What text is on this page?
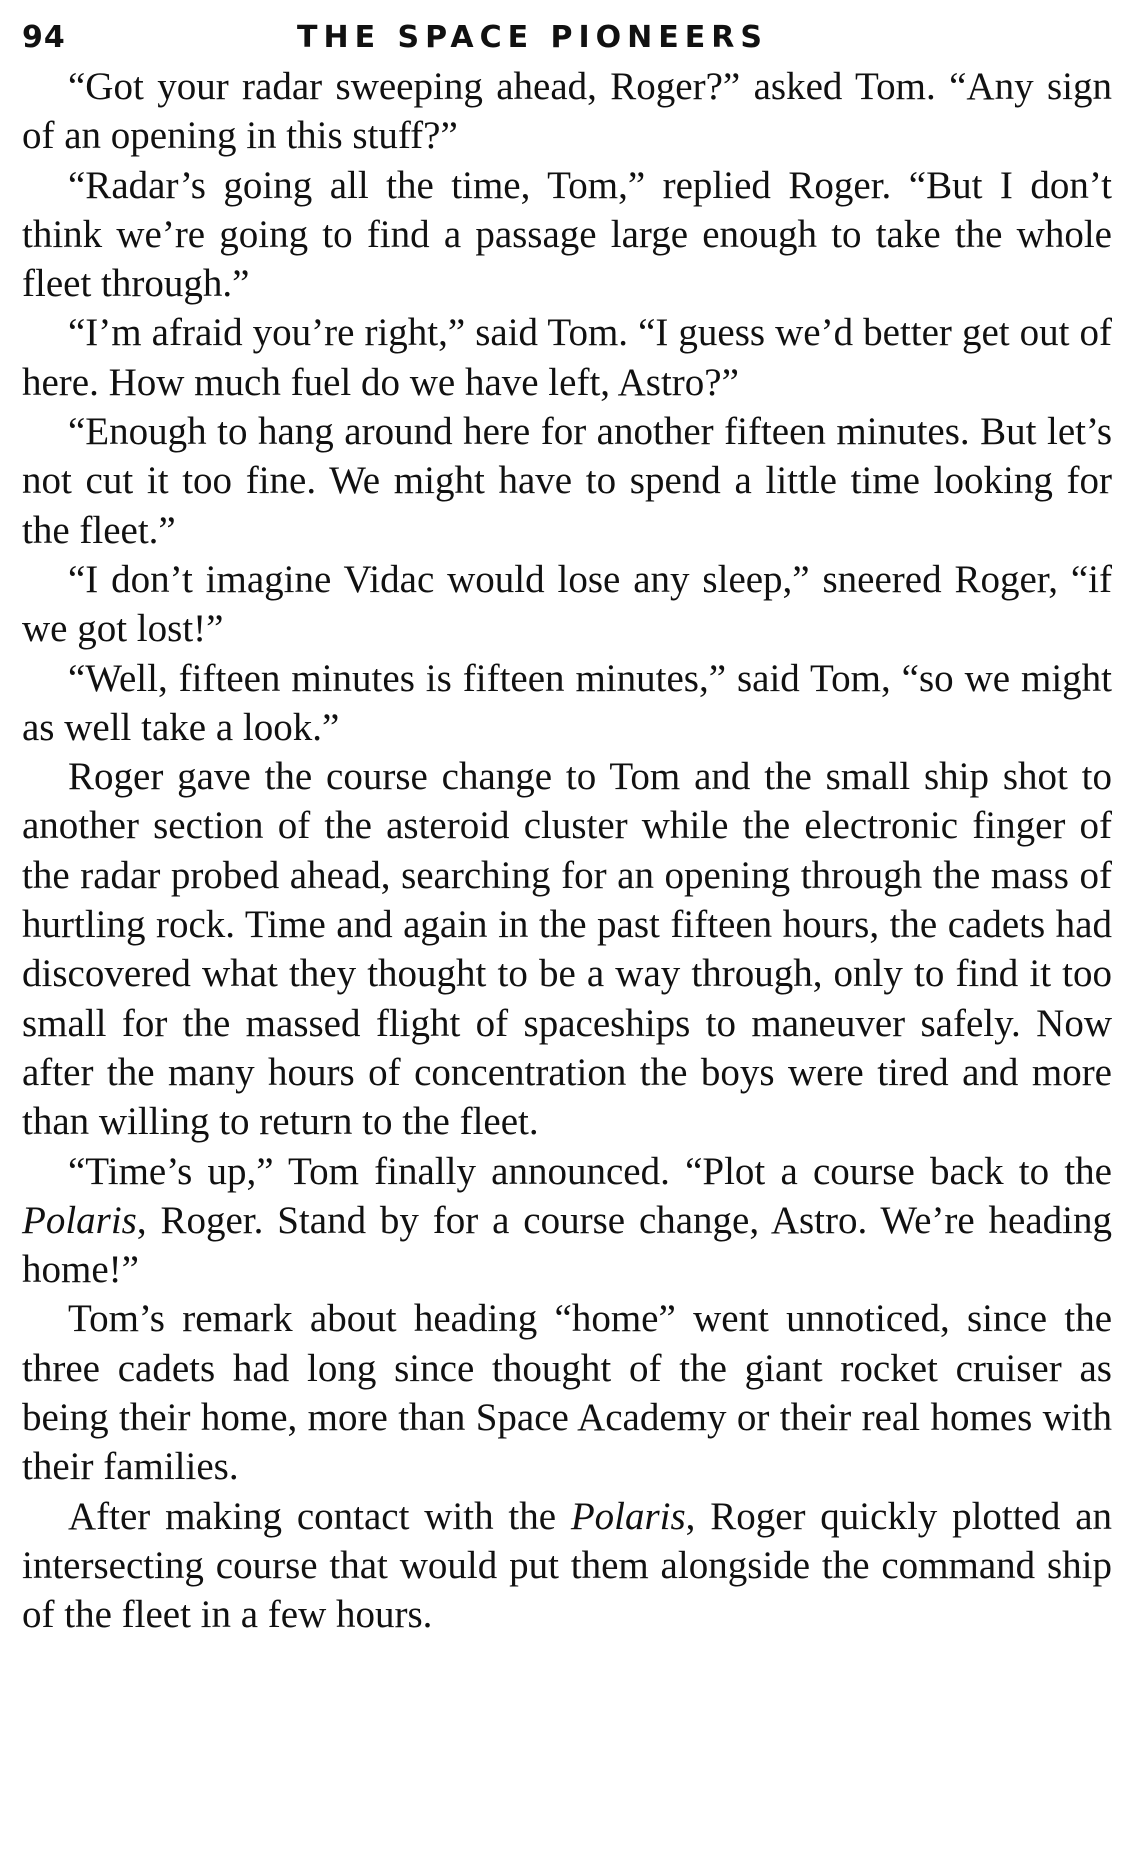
94	THE SPACE PIONEERS

“Got your radar sweeping ahead, Roger?” asked Tom. “Any sign of an opening in this stuff?”

“Radar’s going all the time, Tom,” replied Roger. “But I don’t think we’re going to find a passage large enough to take the whole fleet through.”

“I’m afraid you’re right,” said Tom. “I guess we’d better get out of here. How much fuel do we have left, Astro?”

“Enough to hang around here for another fifteen minutes. But let’s not cut it too fine. We might have to spend a little time looking for the fleet.”

“I don’t imagine Vidac would lose any sleep,” sneered Roger, “if we got lost!”

“Well, fifteen minutes is fifteen minutes,” said Tom, “so we might as well take a look.”

Roger gave the course change to Tom and the small ship shot to another section of the asteroid cluster while the electronic finger of the radar probed ahead, searching for an opening through the mass of hurtling rock. Time and again in the past fifteen hours, the cadets had discovered what they thought to be a way through, only to find it too small for the massed flight of spaceships to maneuver safely. Now after the many hours of concentration the boys were tired and more than willing to return to the fleet.

“Time’s up,” Tom finally announced. “Plot a course back to the Polaris, Roger. Stand by for a course change, Astro. We’re heading home!”

Tom’s remark about heading “home” went unnoticed, since the three cadets had long since thought of the giant rocket cruiser as being their home, more than Space Academy or their real homes with their families.

After making contact with the Polaris, Roger quickly plotted an intersecting course that would put them alongside the command ship of the fleet in a few hours.
